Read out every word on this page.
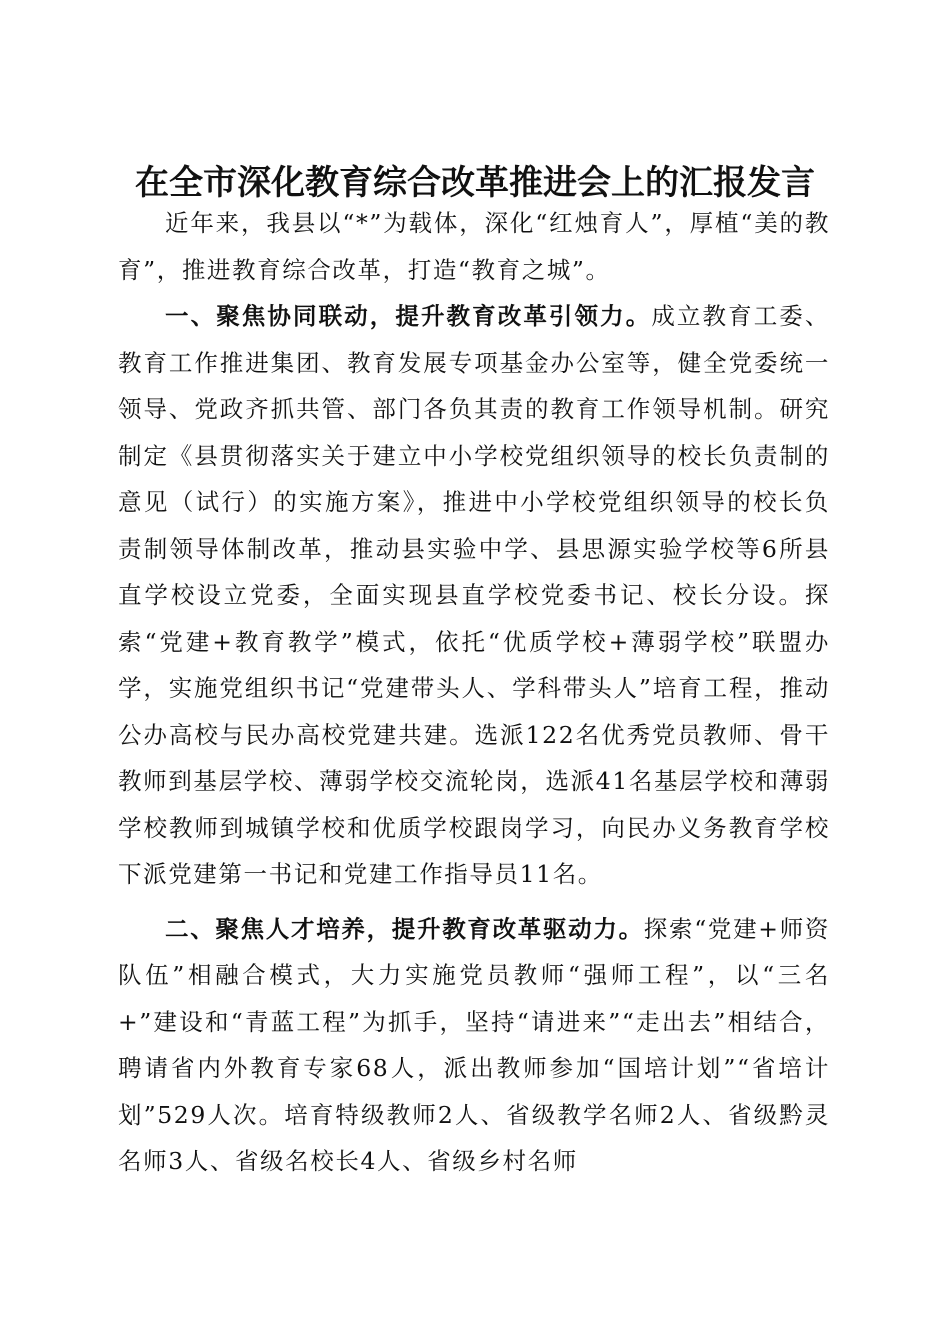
在全市深化教育综合改革推进会上的汇报发言

近年来，我县以“*”为载体，深化“红烛育人”，厚植“美的教育”，推进教育综合改革，打造“教育之城”。

一、聚焦协同联动，提升教育改革引领力。成立教育工委、教育工作推进集团、教育发展专项基金办公室等，健全党委统一领导、党政齐抓共管、部门各负其责的教育工作领导机制。研究制定《县贯彻落实关于建立中小学校党组织领导的校长负责制的意见（试行）的实施方案》，推进中小学校党组织领导的校长负责制领导体制改革，推动县实验中学、县思源实验学校等6所县直学校设立党委，全面实现县直学校党委书记、校长分设。探索“党建+教育教学”模式，依托“优质学校+薄弱学校”联盟办学，实施党组织书记“党建带头人、学科带头人”培育工程，推动公办高校与民办高校党建共建。选派122名优秀党员教师、骨干教师到基层学校、薄弱学校交流轮岗，选派41名基层学校和薄弱学校教师到城镇学校和优质学校跟岗学习，向民办义务教育学校下派党建第一书记和党建工作指导员11名。

二、聚焦人才培养，提升教育改革驱动力。探索“党建+师资队伍”相融合模式，大力实施党员教师“强师工程”，以“三名+”建设和“青蓝工程”为抓手，坚持“请进来”“走出去”相结合，聘请省内外教育专家68人，派出教师参加“国培计划”“省培计划”529人次。培育特级教师2人、省级教学名师2人、省级黔灵名师3人、省级名校长4人、省级乡村名师
